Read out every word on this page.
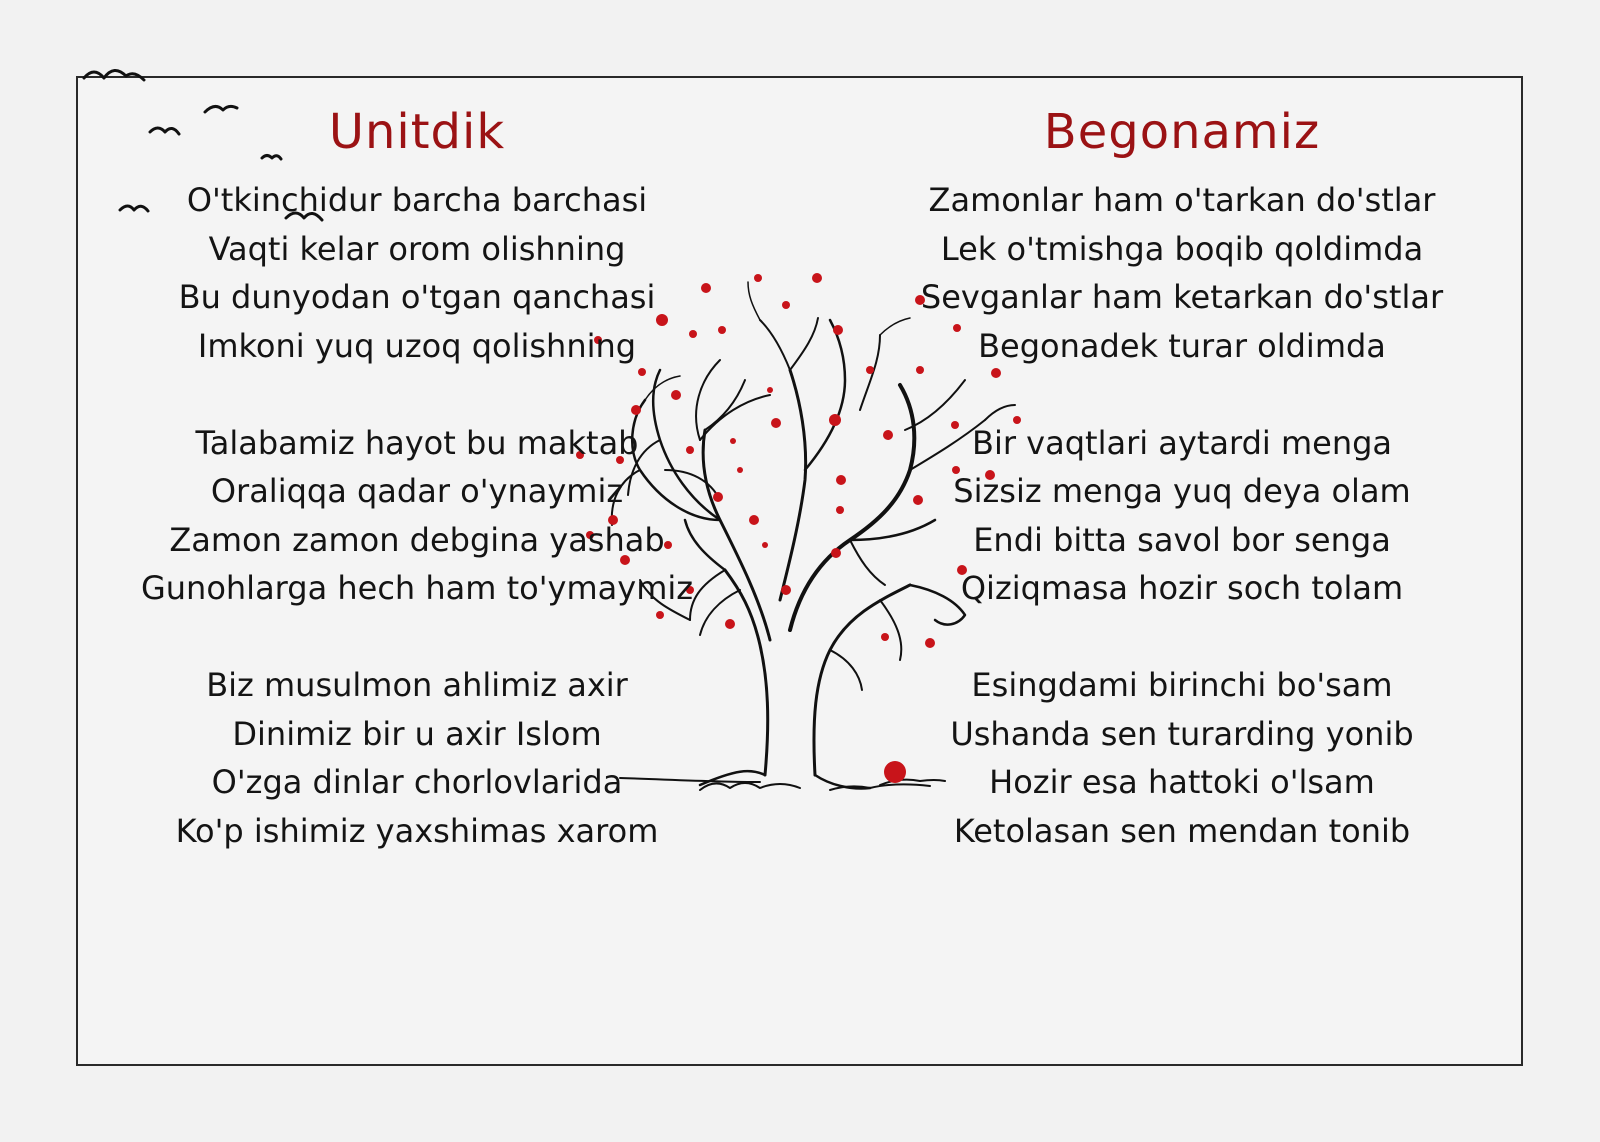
Unitdik	Begonamiz
O'tkinchidur barcha barchasi
Vaqti kelar orom olishning
Bu dunyodan o'tgan qanchasi
Imkoni yuq uzoq qolishning
Talabamiz hayot bu maktab
Oraliqqa qadar o'ynaymiz
Zamon zamon debgina yashab
Gunohlarga hech ham to'ymaymiz
Biz musulmon ahlimiz axir
Dinimiz bir u axir Islom
O'zga dinlar chorlovlarida
Ko'p ishimiz yaxshimas xarom
Zamonlar ham o'tarkan do'stlar
Lek o'tmishga boqib qoldimda
Sevganlar ham ketarkan do'stlar
Begonadek turar oldimda
Bir vaqtlari aytardi menga
Sizsiz menga yuq deya olam
Endi bitta savol bor senga
Qiziqmasa hozir soch tolam
Esingdami birinchi bo'sam
Ushanda sen turarding yonib
Hozir esa hattoki o'lsam
Ketolasan sen mendan tonib
